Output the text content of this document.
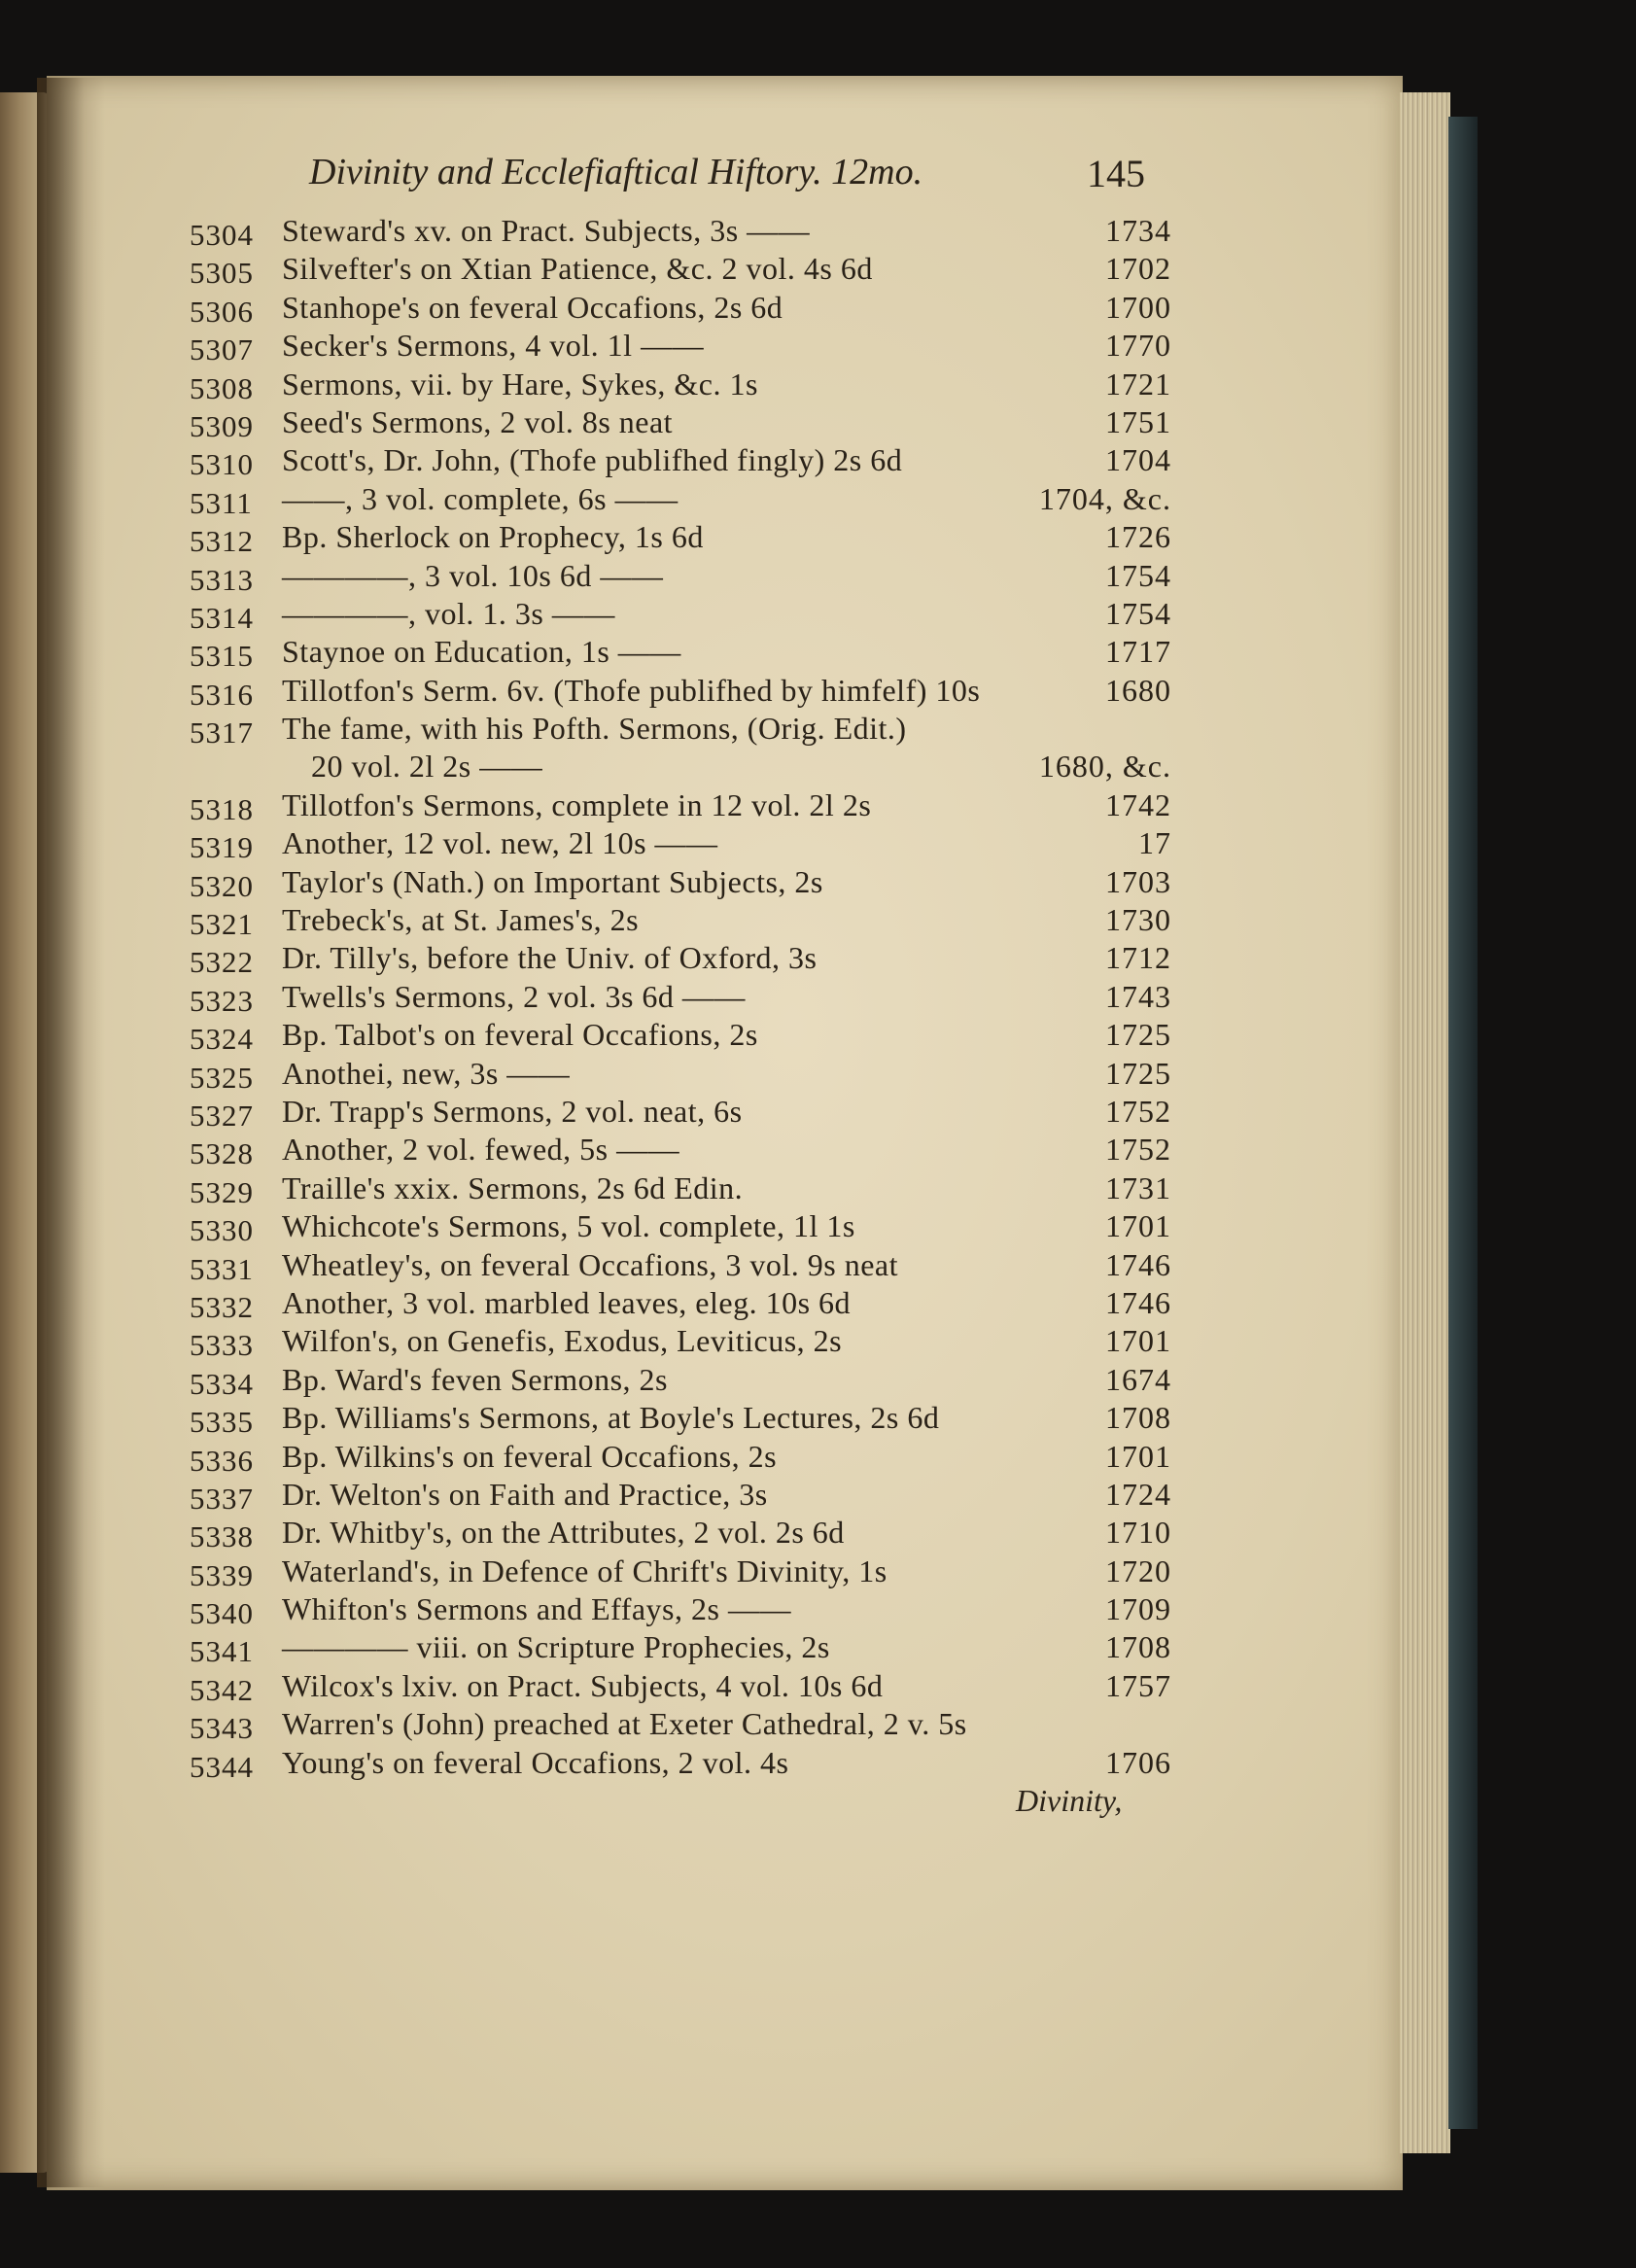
Divinity and Ecclefiaftical Hiftory. 12mo.	145
5304 Steward's xv. on Pract. Subjects, 3s ——	1734
5305 Silvefter's on Xtian Patience, &c. 2 vol. 4s 6d	1702
5306 Stanhope's on feveral Occafions, 2s 6d	1700
5307 Secker's Sermons, 4 vol. 1l ——	1770
5308 Sermons, vii. by Hare, Sykes, &c. 1s	1721
5309 Seed's Sermons, 2 vol. 8s neat	1751
5310 Scott's, Dr. John, (Thofe publifhed fingly) 2s 6d	1704
5311 ——, 3 vol. complete, 6s ——	1704, &c.
5312 Bp. Sherlock on Prophecy, 1s 6d	1726
5313 ————, 3 vol. 10s 6d ——	1754
5314 ————, vol. 1. 3s ——	1754
5315 Staynoe on Education, 1s ——	1717
5316 Tillotfon's Serm. 6v. (Thofe publifhed by himfelf) 10s	1680
5317 The fame, with his Pofth. Sermons, (Orig. Edit.)
20 vol. 2l 2s ——	1680, &c.
5318 Tillotfon's Sermons, complete in 12 vol. 2l 2s	1742
5319 Another, 12 vol. new, 2l 10s ——	17
5320 Taylor's (Nath.) on Important Subjects, 2s	1703
5321 Trebeck's, at St. James's, 2s	1730
5322 Dr. Tilly's, before the Univ. of Oxford, 3s	1712
5323 Twells's Sermons, 2 vol. 3s 6d ——	1743
5324 Bp. Talbot's on feveral Occafions, 2s	1725
5325 Anothei, new, 3s ——	1725
5327 Dr. Trapp's Sermons, 2 vol. neat, 6s	1752
5328 Another, 2 vol. fewed, 5s ——	1752
5329 Traille's xxix. Sermons, 2s 6d Edin.	1731
5330 Whichcote's Sermons, 5 vol. complete, 1l 1s	1701
5331 Wheatley's, on feveral Occafions, 3 vol. 9s neat	1746
5332 Another, 3 vol. marbled leaves, eleg. 10s 6d	1746
5333 Wilfon's, on Genefis, Exodus, Leviticus, 2s	1701
5334 Bp. Ward's feven Sermons, 2s	1674
5335 Bp. Williams's Sermons, at Boyle's Lectures, 2s 6d	1708
5336 Bp. Wilkins's on feveral Occafions, 2s	1701
5337 Dr. Welton's on Faith and Practice, 3s	1724
5338 Dr. Whitby's, on the Attributes, 2 vol. 2s 6d	1710
5339 Waterland's, in Defence of Chrift's Divinity, 1s	1720
5340 Whifton's Sermons and Effays, 2s ——	1709
5341 ———— viii. on Scripture Prophecies, 2s	1708
5342 Wilcox's lxiv. on Pract. Subjects, 4 vol. 10s 6d	1757
5343 Warren's (John) preached at Exeter Cathedral, 2 v. 5s
5344 Young's on feveral Occafions, 2 vol. 4s	1706
Divinity,
